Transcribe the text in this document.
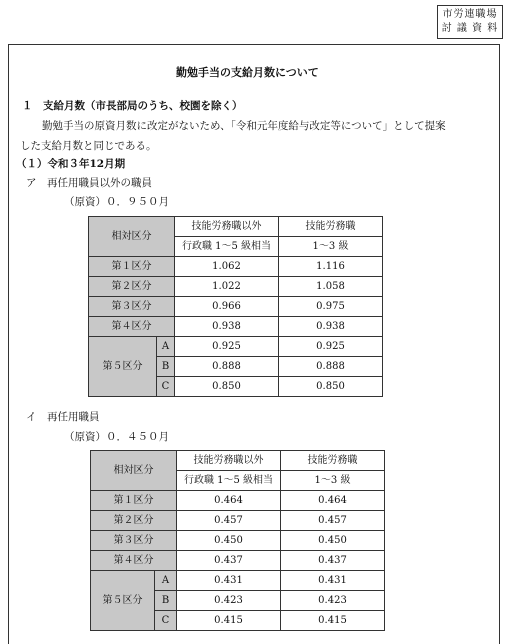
市労連職場
討 議 資 料
勤勉手当の支給月数について
１　支給月数（市長部局のうち、校園を除く）
勤勉手当の原資月数に改定がないため、「令和元年度給与改定等について」として提案
した支給月数と同じである。
（１）令和３年12月期
ア　再任用職員以外の職員
（原資）０．９５０月
相対区分		技能労務職以外	技能労務職
		行政職 1～5 級相当	1～3 級
第１区分		1.062	1.116
第２区分		1.022	1.058
第３区分		0.966	0.975
第４区分		0.938	0.938
第５区分	A	0.925	0.925
	B	0.888	0.888
	C	0.850	0.850
イ　再任用職員
（原資）０．４５０月
相対区分		技能労務職以外	技能労務職
		行政職 1～5 級相当	1～3 級
第１区分		0.464	0.464
第２区分		0.457	0.457
第３区分		0.450	0.450
第４区分		0.437	0.437
第５区分	A	0.431	0.431
	B	0.423	0.423
	C	0.415	0.415
